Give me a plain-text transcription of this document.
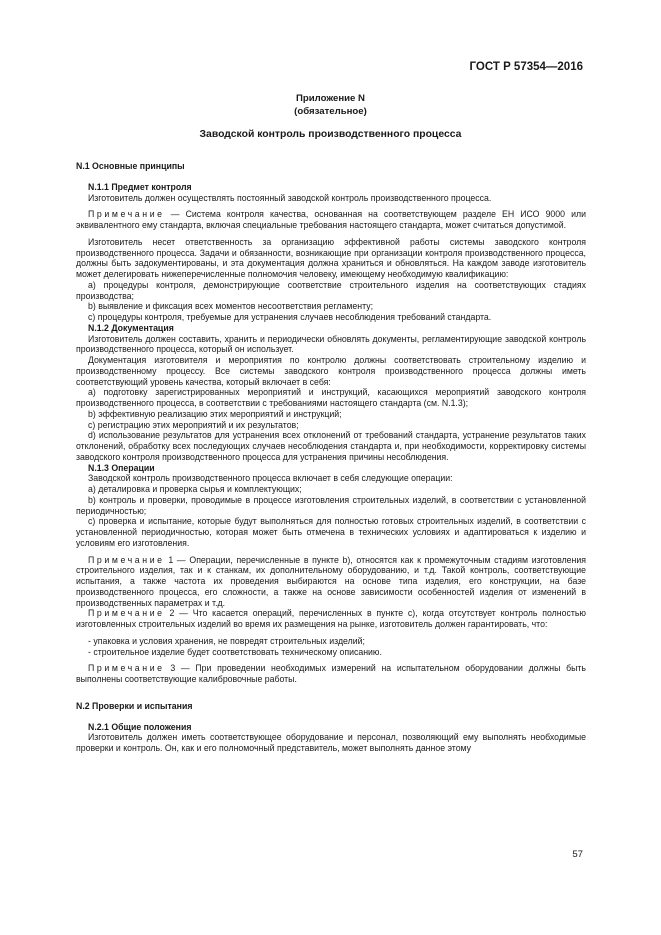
ГОСТ Р 57354—2016
Приложение N
(обязательное)
Заводской контроль производственного процесса

N.1 Основные принципы

N.1.1 Предмет контроля

Изготовитель должен осуществлять постоянный заводской контроль производственного процесса.

Примечание — Система контроля качества, основанная на соответствующем разделе ЕН ИСО 9000 или эквивалентного ему стандарта, включая специальные требования настоящего стандарта, может считаться допустимой.

Изготовитель несет ответственность за организацию эффективной работы системы заводского контроля производственного процесса. Задачи и обязанности, возникающие при организации контроля производственного процесса, должны быть задокументированы, и эта документация должна храниться и обновляться. На каждом заводе изготовитель может делегировать нижеперечисленные полномочия человеку, имеющему необходимую квалификацию:

а) процедуры контроля, демонстрирующие соответствие строительного изделия на соответствующих стадиях производства;

b) выявление и фиксация всех моментов несоответствия регламенту;

с) процедуры контроля, требуемые для устранения случаев несоблюдения требований стандарта.

N.1.2 Документация

Изготовитель должен составить, хранить и периодически обновлять документы, регламентирующие заводской контроль производственного процесса, который он использует.

Документация изготовителя и мероприятия по контролю должны соответствовать строительному изделию и производственному процессу. Все системы заводского контроля производственного процесса должны иметь соответствующий уровень качества, который включает в себя:

а) подготовку зарегистрированных мероприятий и инструкций, касающихся мероприятий заводского контроля производственного процесса, в соответствии с требованиями настоящего стандарта (см. N.1.3);

b) эффективную реализацию этих мероприятий и инструкций;

с) регистрацию этих мероприятий и их результатов;

d) использование результатов для устранения всех отклонений от требований стандарта, устранение результатов таких отклонений, обработку всех последующих случаев несоблюдения стандарта и, при необходимости, корректировку системы заводского контроля производственного процесса для устранения причины несоблюдения.

N.1.3 Операции

Заводской контроль производственного процесса включает в себя следующие операции:

а) деталировка и проверка сырья и комплектующих;

b) контроль и проверки, проводимые в процессе изготовления строительных изделий, в соответствии с установленной периодичностью;

с) проверка и испытание, которые будут выполняться для полностью готовых строительных изделий, в соответствии с установленной периодичностью, которая может быть отмечена в технических условиях и адаптироваться к изделию и условиям его изготовления.

Примечание 1 — Операции, перечисленные в пункте b), относятся как к промежуточным стадиям изготовления строительного изделия, так и к станкам, их дополнительному оборудованию, и т.д. Такой контроль, соответствующие испытания, а также частота их проведения выбираются на основе типа изделия, его конструкции, на базе производственного процесса, его сложности, а также на основе зависимости особенностей изделия от изменений в производственных параметрах и т.д.

Примечание 2 — Что касается операций, перечисленных в пункте с), когда отсутствует контроль полностью изготовленных строительных изделий во время их размещения на рынке, изготовитель должен гарантировать, что:

- упаковка и условия хранения, не повредят строительных изделий;

- строительное изделие будет соответствовать техническому описанию.

Примечание 3 — При проведении необходимых измерений на испытательном оборудовании должны быть выполнены соответствующие калибровочные работы.

N.2 Проверки и испытания

N.2.1 Общие положения

Изготовитель должен иметь соответствующее оборудование и персонал, позволяющий ему выполнять необходимые проверки и контроль. Он, как и его полномочный представитель, может выполнять данное этому

57
